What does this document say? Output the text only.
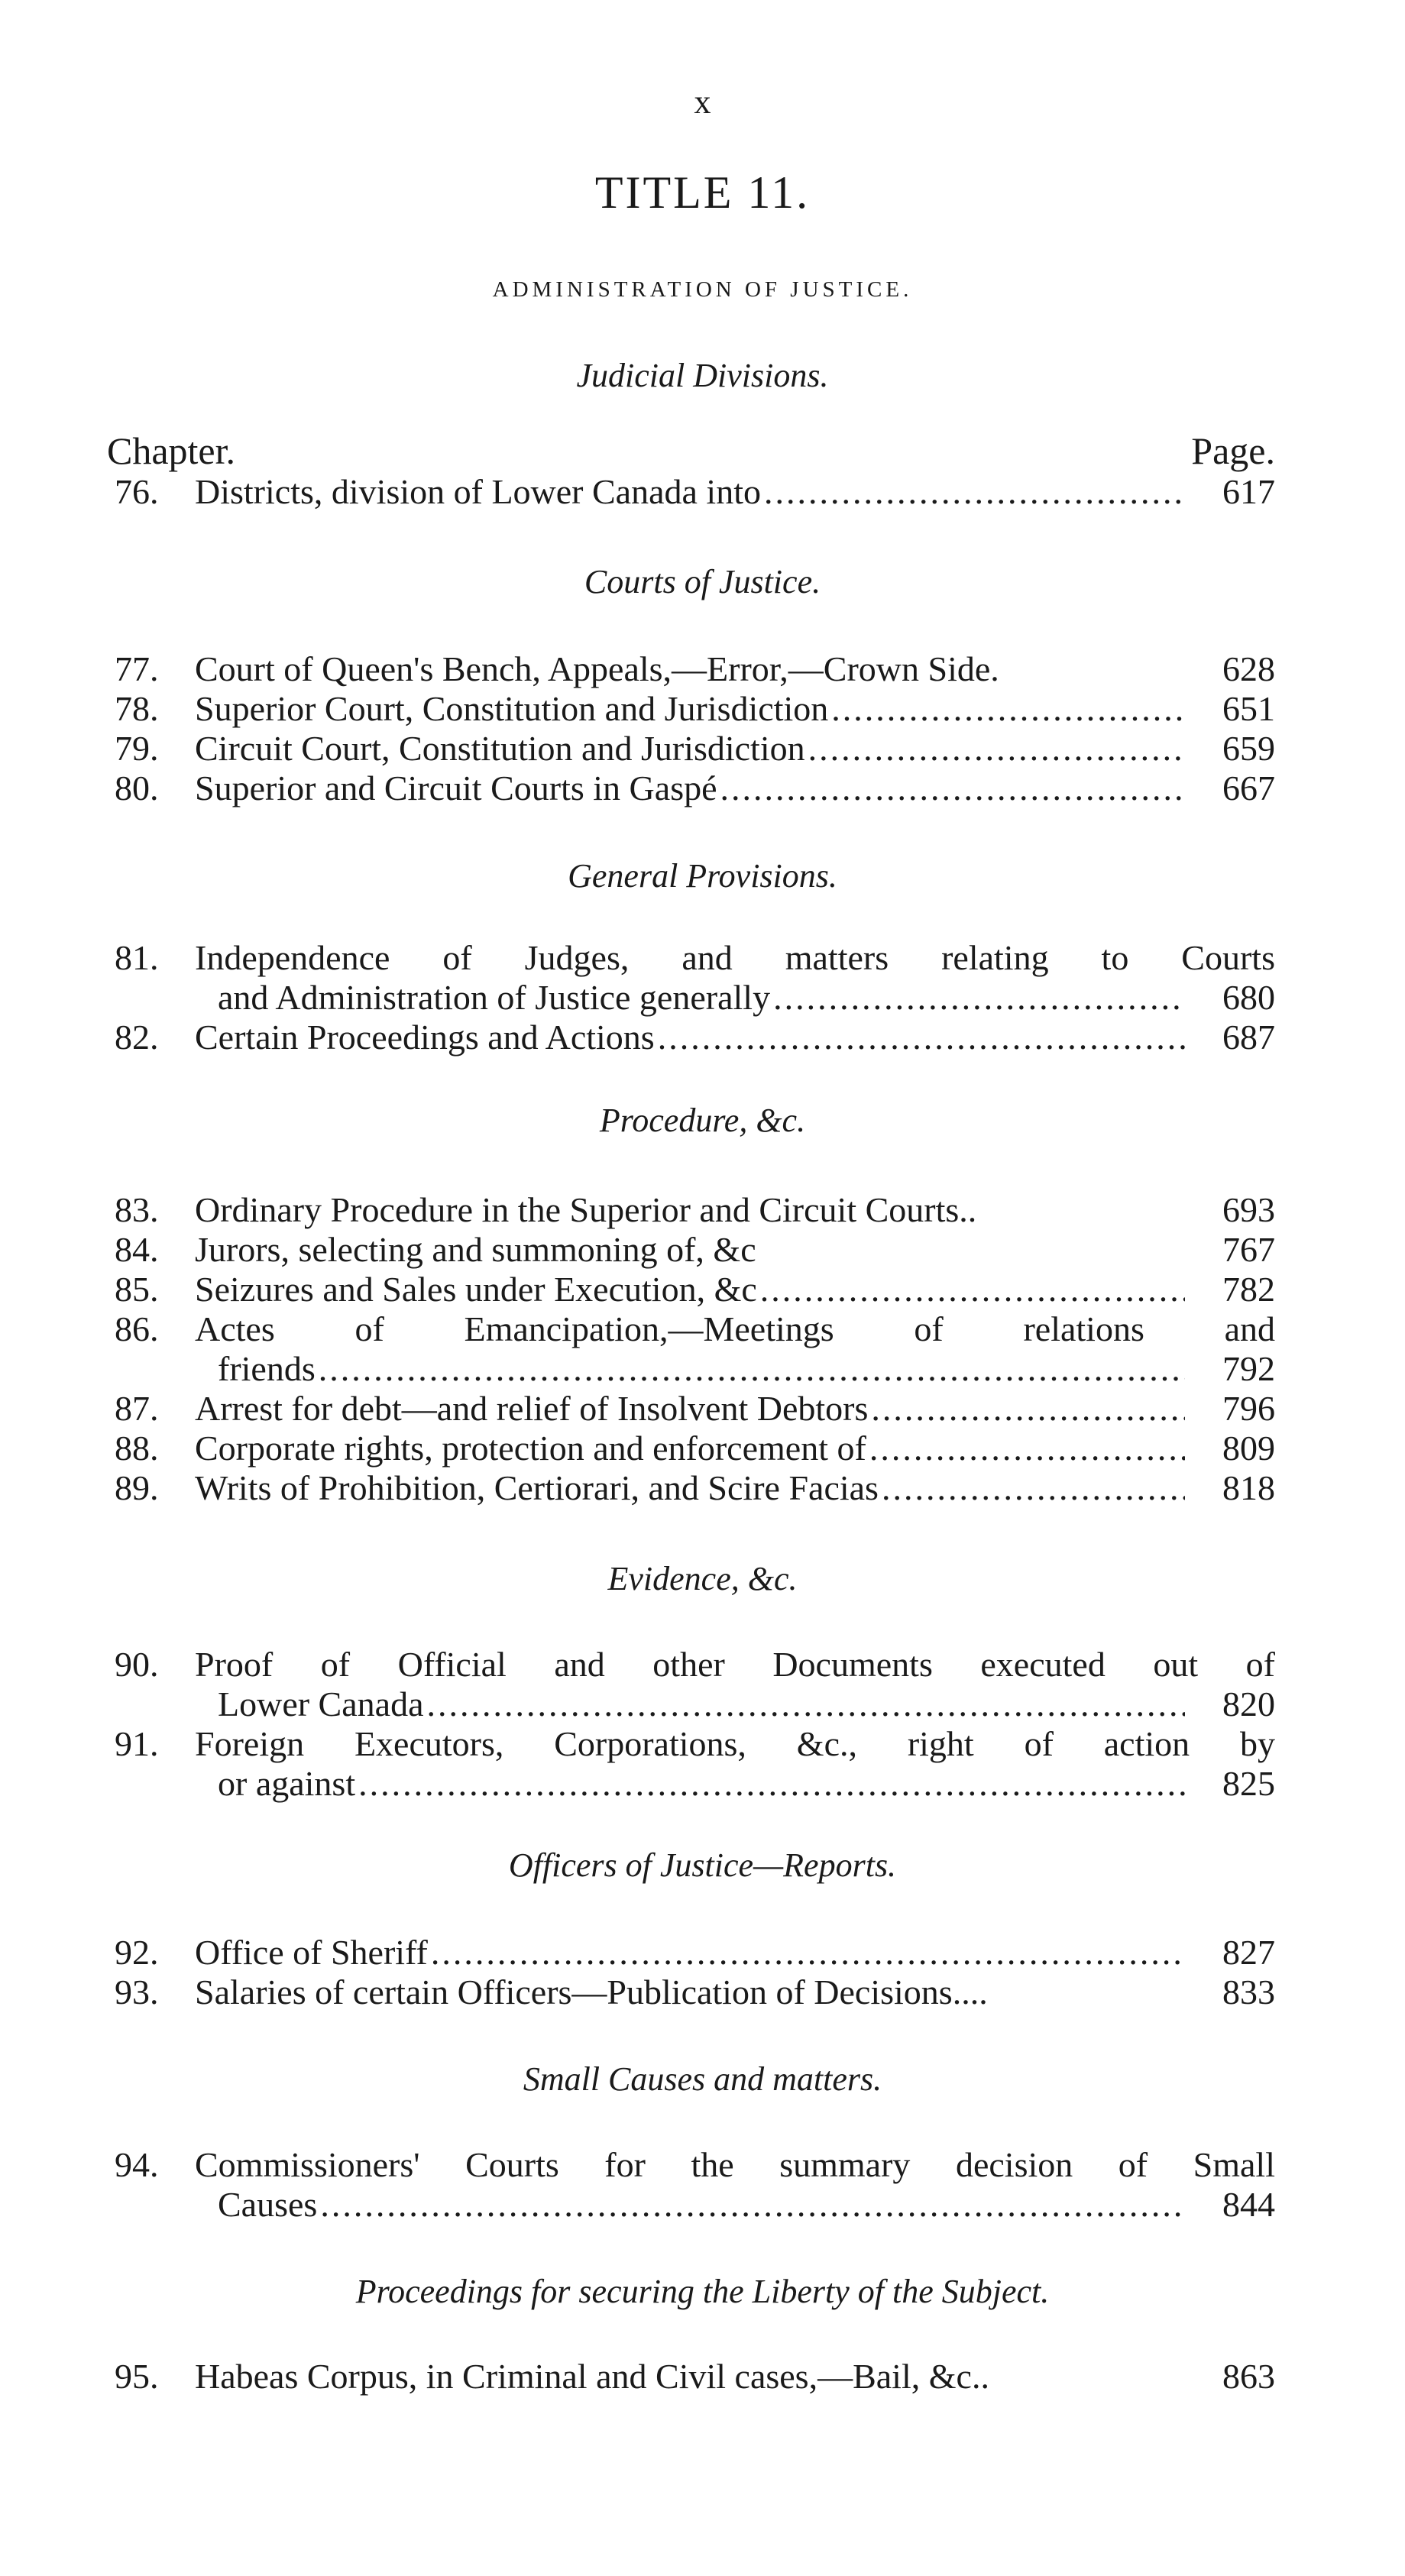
x
TITLE 11.
ADMINISTRATION OF JUSTICE.
Judicial Divisions.
Chapter.	Page.
76.	Districts, division of Lower Canada into .....	617
Courts of Justice.
77.	Court of Queen's Bench, Appeals,—Error,—Crown Side.	628
78.	Superior Court, Constitution and Jurisdiction .....	651
79.	Circuit Court, Constitution and Jurisdiction .....	659
80.	Superior and Circuit Courts in Gaspé .....	667
General Provisions.
81.	Independence of Judges, and matters relating to Courts
and Administration of Justice generally .....	680
82.	Certain Proceedings and Actions .....	687
Procedure, &c.
83.	Ordinary Procedure in the Superior and Circuit Courts..	693
84.	Jurors, selecting and summoning of, &c	767
85.	Seizures and Sales under Execution, &c .....	782
86.	Actes of Emancipation,—Meetings of relations and
friends .....	792
87.	Arrest for debt—and relief of Insolvent Debtors .....	796
88.	Corporate rights, protection and enforcement of .....	809
89.	Writs of Prohibition, Certiorari, and Scire Facias .....	818
Evidence, &c.
90.	Proof of Official and other Documents executed out of
Lower Canada .....	820
91.	Foreign Executors, Corporations, &c., right of action by
or against .....	825
Officers of Justice—Reports.
92.	Office of Sheriff .....	827
93.	Salaries of certain Officers—Publication of Decisions....	833
Small Causes and matters.
94.	Commissioners' Courts for the summary decision of Small
Causes .....	844
Proceedings for securing the Liberty of the Subject.
95.	Habeas Corpus, in Criminal and Civil cases,—Bail, &c..	863
